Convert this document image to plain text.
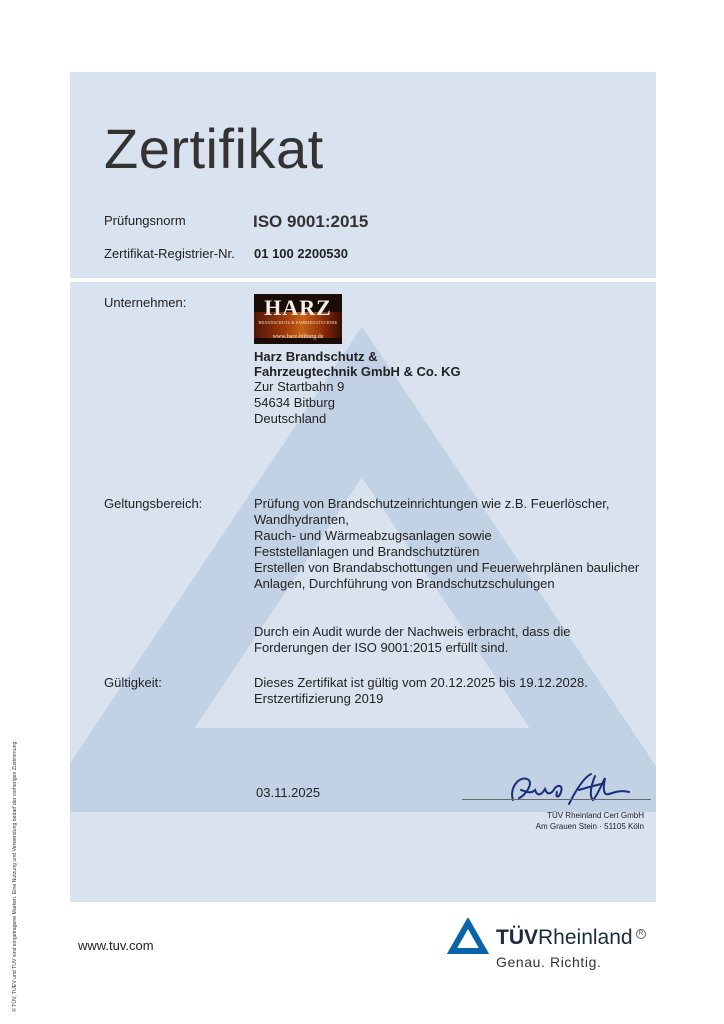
© TÜV, TUEV und TUV sind eingetragene Marken. Eine Nutzung und Verwendung bedarf der vorherigen Zustimmung.
Zertifikat
Prüfungsnorm	ISO 9001:2015
Zertifikat-Registrier-Nr. 01 100 2200530
Unternehmen:	HARZ
BRANDSCHUTZ & FAHRZEUGTECHNIK
www.harz-bitburg.de
Harz Brandschutz &
Fahrzeugtechnik GmbH & Co. KG
Zur Startbahn 9
54634 Bitburg
Deutschland
Geltungsbereich:	Prüfung von Brandschutzeinrichtungen wie z.B. Feuerlöscher,
Wandhydranten,
Rauch- und Wärmeabzugsanlagen sowie
Feststellanlagen und Brandschutztüren
Erstellen von Brandabschottungen und Feuerwehrplänen baulicher
Anlagen, Durchführung von Brandschutzschulungen
Durch ein Audit wurde der Nachweis erbracht, dass die
Forderungen der ISO 9001:2015 erfüllt sind.
Gültigkeit:	Dieses Zertifikat ist gültig vom 20.12.2025 bis 19.12.2028.
Erstzertifizierung 2019
03.11.2025
TÜV Rheinland Cert GmbH
Am Grauen Stein · 51105 Köln
www.tuv.com	TÜVRheinland	R
Genau. Richtig.
